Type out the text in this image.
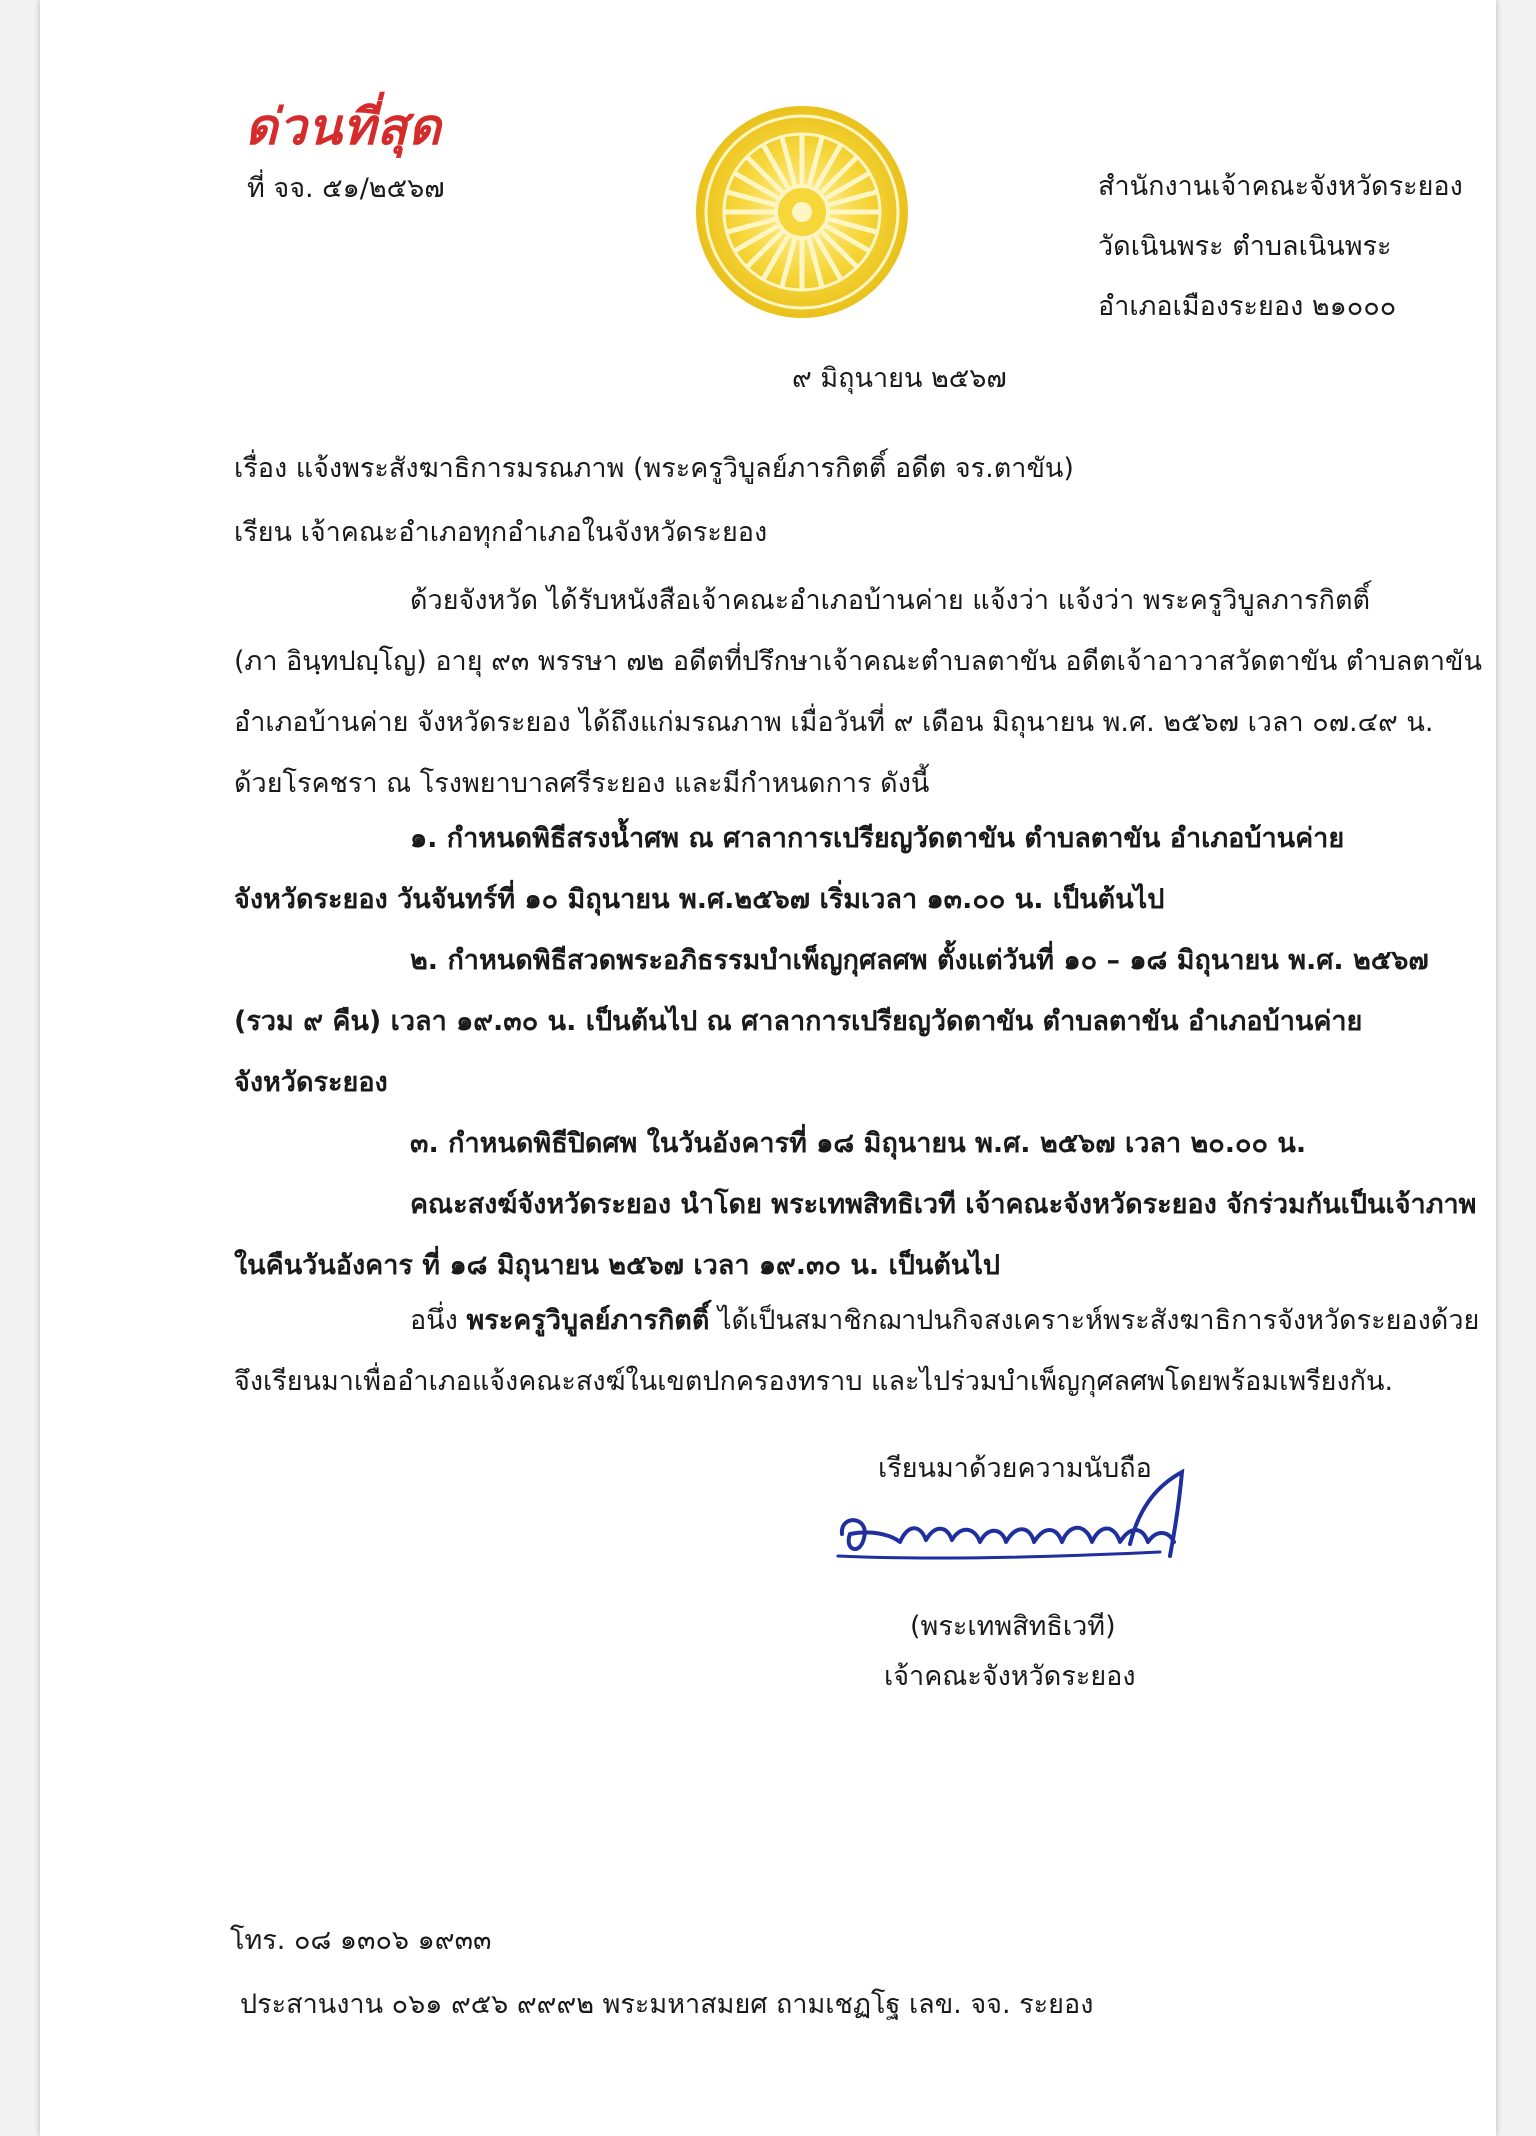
ด่วนที่สุด
ที่ จจ. ๕๑/๒๕๖๗	สำนักงานเจ้าคณะจังหวัดระยอง
วัดเนินพระ ตำบลเนินพระ
อำเภอเมืองระยอง ๒๑๐๐๐
๙ มิถุนายน ๒๕๖๗
เรื่อง แจ้งพระสังฆาธิการมรณภาพ (พระครูวิบูลย์ภารกิตติ์ อดีต จร.ตาขัน)
เรียน เจ้าคณะอำเภอทุกอำเภอในจังหวัดระยอง
ด้วยจังหวัด ได้รับหนังสือเจ้าคณะอำเภอบ้านค่าย แจ้งว่า แจ้งว่า พระครูวิบูลภารกิตติ์
(ภา อินฺทปญฺโญ) อายุ ๙๓ พรรษา ๗๒ อดีตที่ปรึกษาเจ้าคณะตำบลตาขัน อดีตเจ้าอาวาสวัดตาขัน ตำบลตาขัน
อำเภอบ้านค่าย จังหวัดระยอง ได้ถึงแก่มรณภาพ เมื่อวันที่ ๙ เดือน มิถุนายน พ.ศ. ๒๕๖๗ เวลา ๐๗.๔๙ น.
ด้วยโรคชรา ณ โรงพยาบาลศรีระยอง และมีกำหนดการ ดังนี้
๑. กำหนดพิธีสรงน้ำศพ ณ ศาลาการเปรียญวัดตาขัน ตำบลตาขัน อำเภอบ้านค่าย
จังหวัดระยอง วันจันทร์ที่ ๑๐ มิถุนายน พ.ศ.๒๕๖๗ เริ่มเวลา ๑๓.๐๐ น. เป็นต้นไป
๒. กำหนดพิธีสวดพระอภิธรรมบำเพ็ญกุศลศพ ตั้งแต่วันที่ ๑๐ – ๑๘ มิถุนายน พ.ศ. ๒๕๖๗
(รวม ๙ คืน) เวลา ๑๙.๓๐ น. เป็นต้นไป ณ ศาลาการเปรียญวัดตาขัน ตำบลตาขัน อำเภอบ้านค่าย
จังหวัดระยอง
๓. กำหนดพิธีปิดศพ ในวันอังคารที่ ๑๘ มิถุนายน พ.ศ. ๒๕๖๗ เวลา ๒๐.๐๐ น.
คณะสงฆ์จังหวัดระยอง นำโดย พระเทพสิทธิเวที เจ้าคณะจังหวัดระยอง จักร่วมกันเป็นเจ้าภาพ
ในคืนวันอังคาร ที่ ๑๘ มิถุนายน ๒๕๖๗ เวลา ๑๙.๓๐ น. เป็นต้นไป
อนึ่ง พระครูวิบูลย์ภารกิตติ์ ได้เป็นสมาชิกฌาปนกิจสงเคราะห์พระสังฆาธิการจังหวัดระยองด้วย
จึงเรียนมาเพื่ออำเภอแจ้งคณะสงฆ์ในเขตปกครองทราบ และไปร่วมบำเพ็ญกุศลศพโดยพร้อมเพรียงกัน.
เรียนมาด้วยความนับถือ
(พระเทพสิทธิเวที)
เจ้าคณะจังหวัดระยอง
โทร. ๐๘ ๑๓๐๖ ๑๙๓๓
ประสานงาน ๐๖๑ ๙๕๖ ๙๙๙๒ พระมหาสมยศ ถามเชฏโฐ เลข. จจ. ระยอง
